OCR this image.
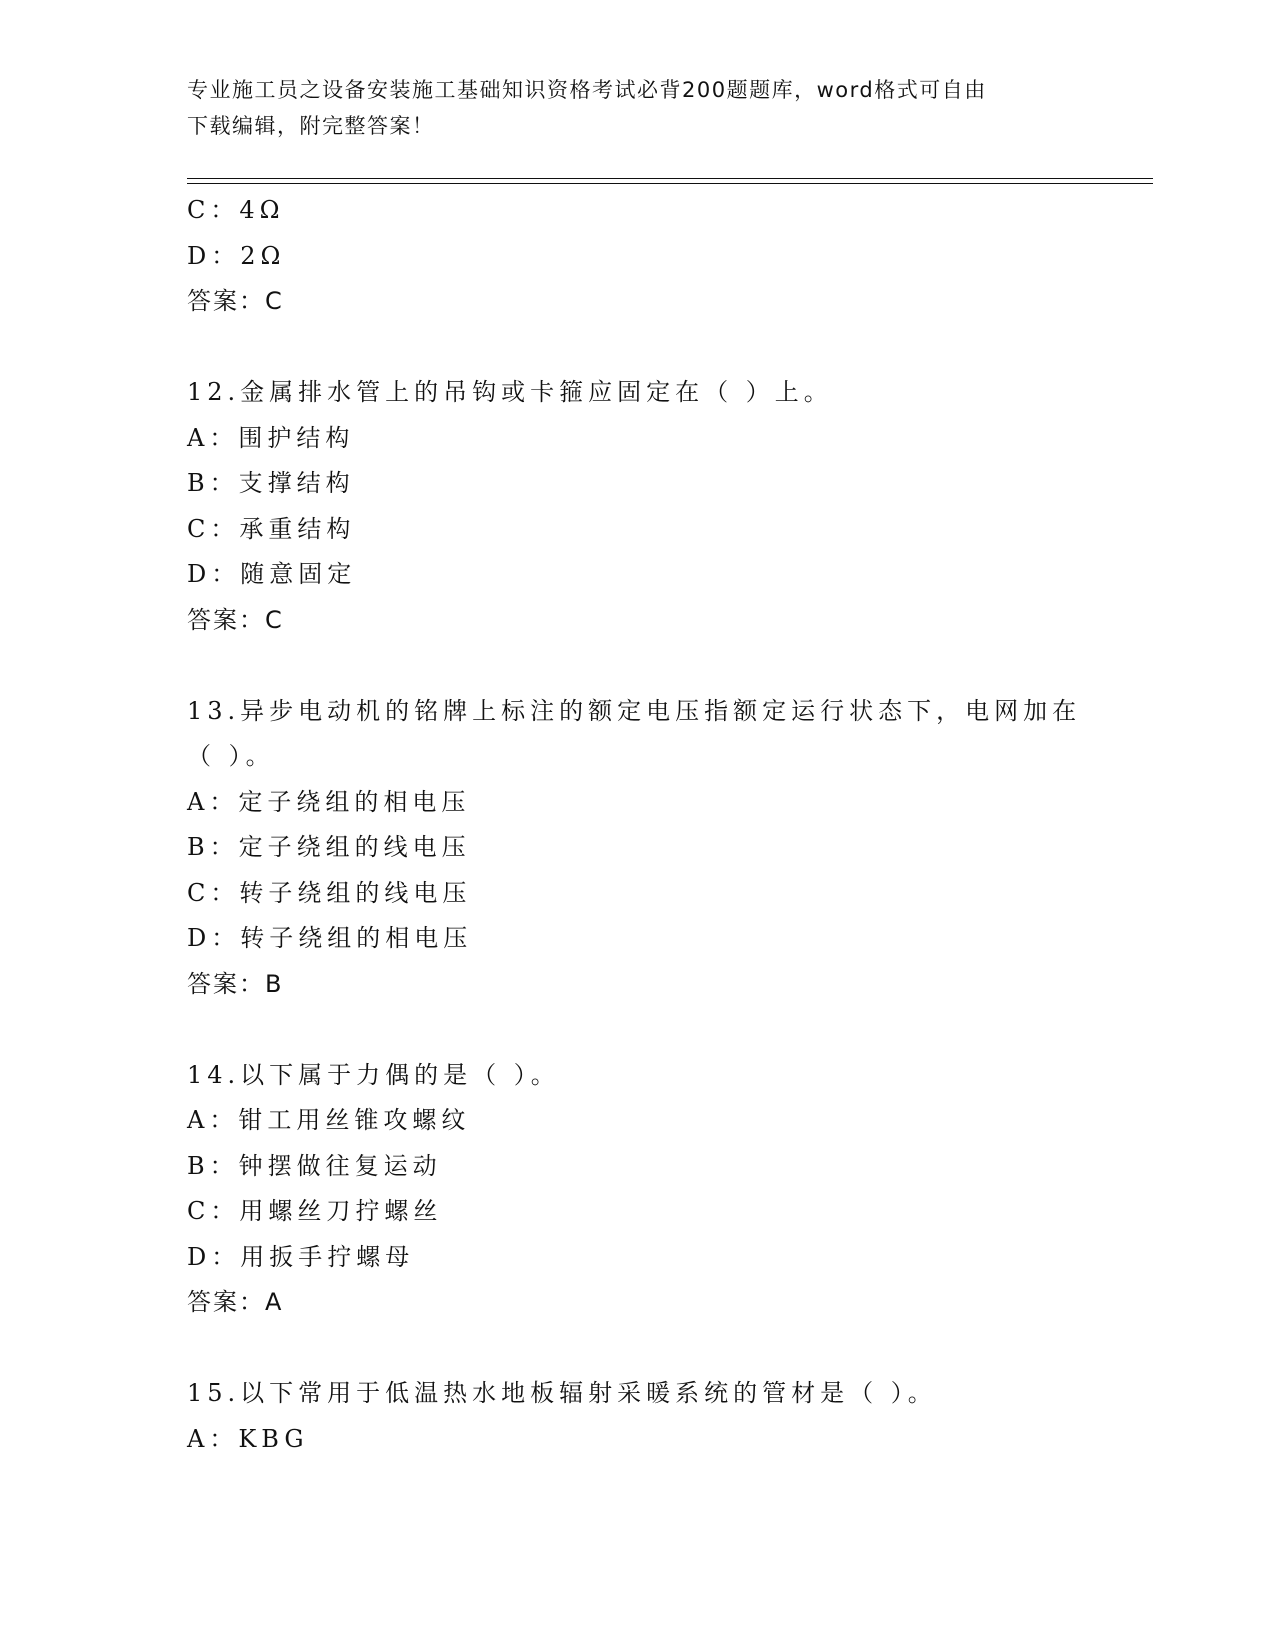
专业施工员之设备安装施工基础知识资格考试必背200题题库，word格式可自由
下载编辑，附完整答案！
C：4Ω
D：2Ω
答案：C
12.金属排水管上的吊钩或卡箍应固定在（ ）上。
A：围护结构
B：支撑结构
C：承重结构
D：随意固定
答案：C
13.异步电动机的铭牌上标注的额定电压指额定运行状态下，电网加在
（ ）。
A：定子绕组的相电压
B：定子绕组的线电压
C：转子绕组的线电压
D：转子绕组的相电压
答案：B
14.以下属于力偶的是（ ）。
A：钳工用丝锥攻螺纹
B：钟摆做往复运动
C：用螺丝刀拧螺丝
D：用扳手拧螺母
答案：A
15.以下常用于低温热水地板辐射采暖系统的管材是（ ）。
A：KBG
